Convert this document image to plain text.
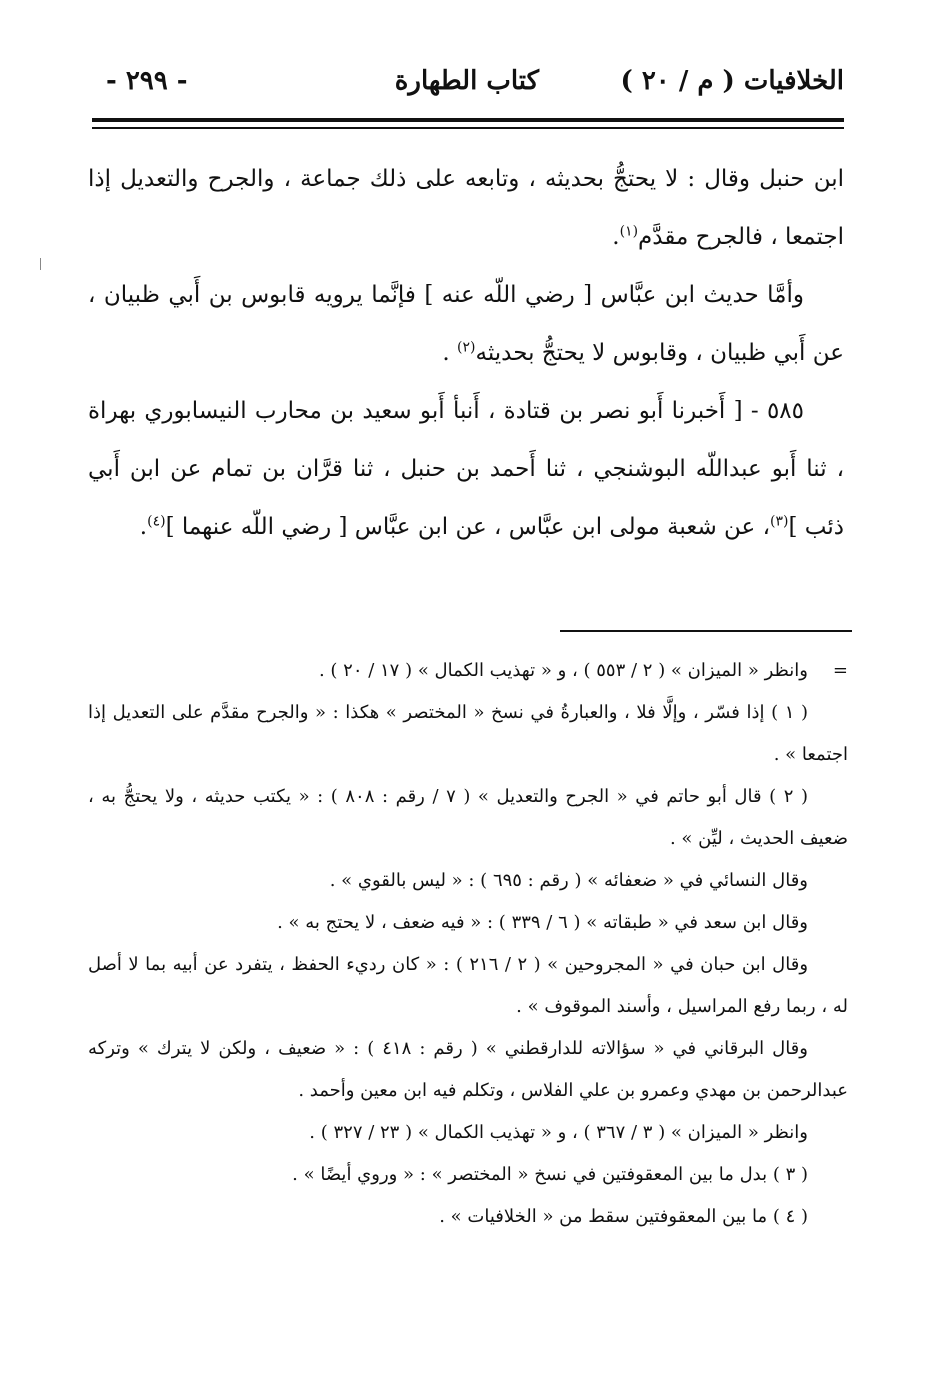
الخلافيات ( م / ٢٠ )
كتاب الطهارة
- ٢٩٩ -

ابن حنبل وقال : لا يحتجُّ بحديثه ، وتابعه على ذلك جماعة ، والجرح والتعديل إذا اجتمعا ، فالجرح مقدَّم$^{(١)}$.

وأمَّا حديث ابن عبَّاس [ رضي اللّه عنه ] فإنَّما يرويه قابوس بن أَبي ظبيان ، عن أَبي ظبيان ، وقابوس لا يحتجُّ بحديثه$^{(٢)}$ .

٥٨٥ - [ أَخبرنا أَبو نصر بن قتادة ، أَنبأ أَبو سعيد بن محارب النيسابوري بهراة ، ثنا أَبو عبداللّه البوشنجي ، ثنا أَحمد بن حنبل ، ثنا قرَّان بن تمام عن ابن أَبي ذئب ]$^{(٣)}$، عن شعبة مولى ابن عبَّاس ، عن ابن عبَّاس [ رضي اللّه عنهما ]$^{(٤)}$.

=وانظر « الميزان » ( ٢ / ٥٥٣ ) ، و « تهذيب الكمال » ( ١٧ / ٢٠ ) .

( ١ ) إذا فسّر ، وإلَّا فلا ، والعبارةُ في نسخ « المختصر » هكذا : « والجرح مقدَّم على التعديل إذا اجتمعا » .

( ٢ ) قال أبو حاتم في « الجرح والتعديل » ( ٧ / رقم : ٨٠٨ ) : « يكتب حديثه ، ولا يحتجُّ به ، ضعيف الحديث ، ليِّن » .

وقال النسائي في « ضعفائه » ( رقم : ٦٩٥ ) : « ليس بالقوي » .

وقال ابن سعد في « طبقاته » ( ٦ / ٣٣٩ ) : « فيه ضعف ، لا يحتج به » .

وقال ابن حبان في « المجروحين » ( ٢ / ٢١٦ ) : « كان رديء الحفظ ، يتفرد عن أبيه بما لا أصل له ، ربما رفع المراسيل ، وأسند الموقوف » .

وقال البرقاني في « سؤالاته للدارقطني » ( رقم : ٤١٨ ) : « ضعيف ، ولكن لا يترك » وتركه عبدالرحمن بن مهدي وعمرو بن علي الفلاس ، وتكلم فيه ابن معين وأحمد .

وانظر « الميزان » ( ٣ / ٣٦٧ ) ، و « تهذيب الكمال » ( ٢٣ / ٣٢٧ ) .

( ٣ ) بدل ما بين المعقوفتين في نسخ « المختصر » : « وروي أيضًا » .

( ٤ ) ما بين المعقوفتين سقط من « الخلافيات » .
